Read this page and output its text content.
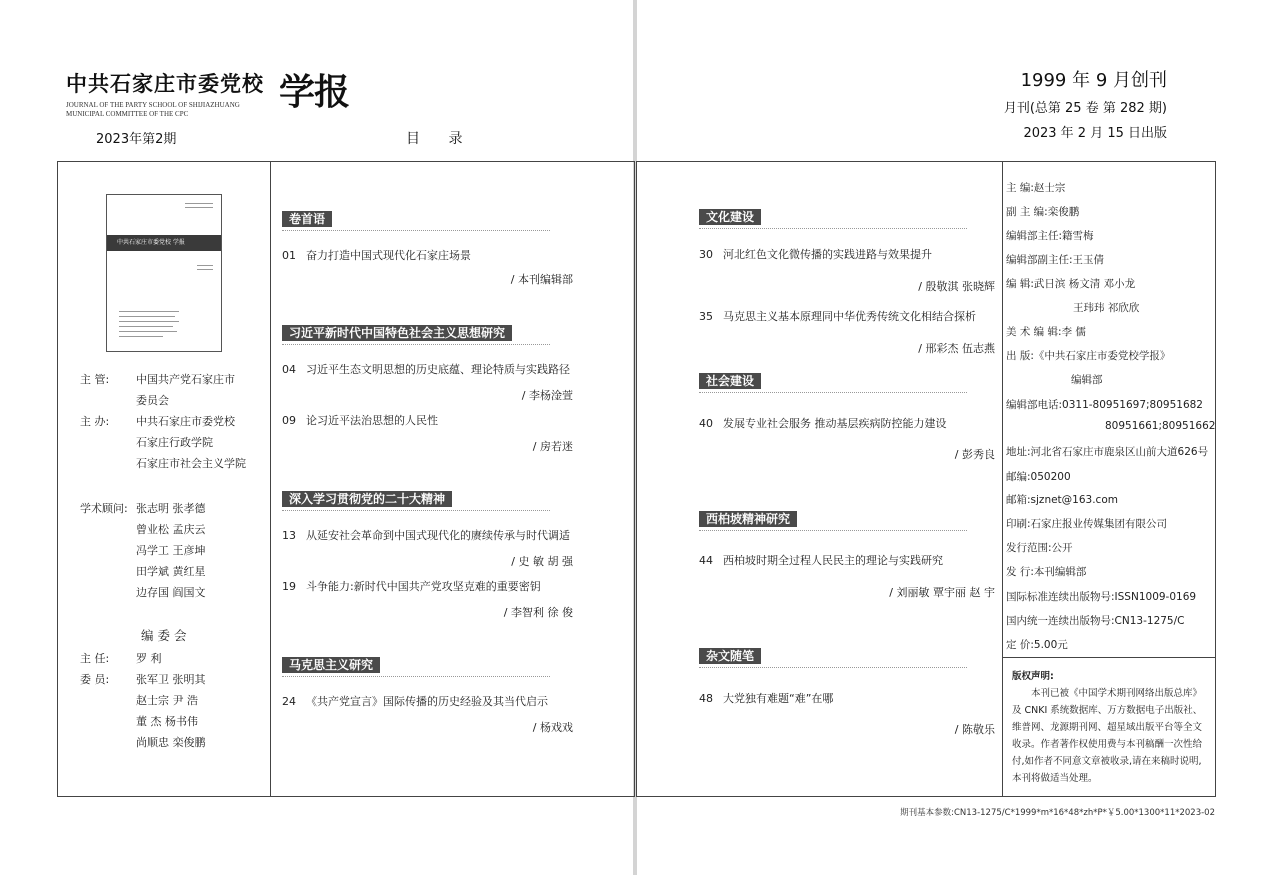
中共石家庄市委党校 学报
JOURNAL OF THE PARTY SCHOOL OF SHIJIAZHUANG
MUNICIPAL COMMITTEE OF THE CPC
2023年第2期	目 录
1999 年 9 月创刊
月刊(总第 25 卷 第 282 期)
2023 年 2 月 15 日出版
中共石家庄市委党校 学报
主 管: 中国共产党石家庄市
委员会
主 办: 中共石家庄市委党校
石家庄行政学院
石家庄市社会主义学院
学术顾问: 张志明 张孝德
曾业松 孟庆云
冯学工 王彦坤
田学斌 黄红星
边存国 阎国文
编 委 会
主 任: 罗 利
委 员: 张军卫 张明其
赵士宗 尹 浩
董 杰 杨书伟
尚顺忠 栾俊鹏
卷首语
01 奋力打造中国式现代化石家庄场景
/ 本刊编辑部
习近平新时代中国特色社会主义思想研究
04 习近平生态文明思想的历史底蕴、理论特质与实践路径
/ 李杨淦萱
09 论习近平法治思想的人民性
/ 房若迷
深入学习贯彻党的二十大精神
13 从延安社会革命到中国式现代化的赓续传承与时代调适
/ 史 敏 胡 强
19 斗争能力:新时代中国共产党攻坚克难的重要密钥
/ 李智利 徐 俊
马克思主义研究
24 《共产党宣言》国际传播的历史经验及其当代启示
/ 杨戏戏
文化建设
30 河北红色文化微传播的实践进路与效果提升
/ 殷敬淇 张晓辉
35 马克思主义基本原理同中华优秀传统文化相结合探析
/ 邢彩杰 伍志燕
社会建设
40 发展专业社会服务 推动基层疾病防控能力建设
/ 彭秀良
西柏坡精神研究
44 西柏坡时期全过程人民民主的理论与实践研究
/ 刘丽敏 覃宇丽 赵 宇
杂文随笔
48 大党独有难题“难”在哪
/ 陈敬乐
主 编:赵士宗
副 主 编:栾俊鹏
编辑部主任:籍雪梅
编辑部副主任:王玉倩
编 辑:武日滨 杨文清 邓小龙
王玮玮 祁欣欣
美 术 编 辑:李 儒
出 版:《中共石家庄市委党校学报》
编辑部
编辑部电话:0311-80951697;80951682
80951661;80951662
地址:河北省石家庄市鹿泉区山前大道626号
邮编:050200
邮箱:sjznet@163.com
印刷:石家庄报业传媒集团有限公司
发行范围:公开
发 行:本刊编辑部
国际标准连续出版物号:ISSN1009-0169
国内统一连续出版物号:CN13-1275/C
定 价:5.00元
版权声明:
本刊已被《中国学术期刊网络出版总库》及 CNKI 系统数据库、万方数据电子出版社、维普网、龙源期刊网、超星域出版平台等全文收录。作者著作权使用费与本刊稿酬一次性给付,如作者不同意文章被收录,请在来稿时说明,本刊将做适当处理。
期刊基本参数:CN13-1275/C*1999*m*16*48*zh*P*￥5.00*1300*11*2023-02
